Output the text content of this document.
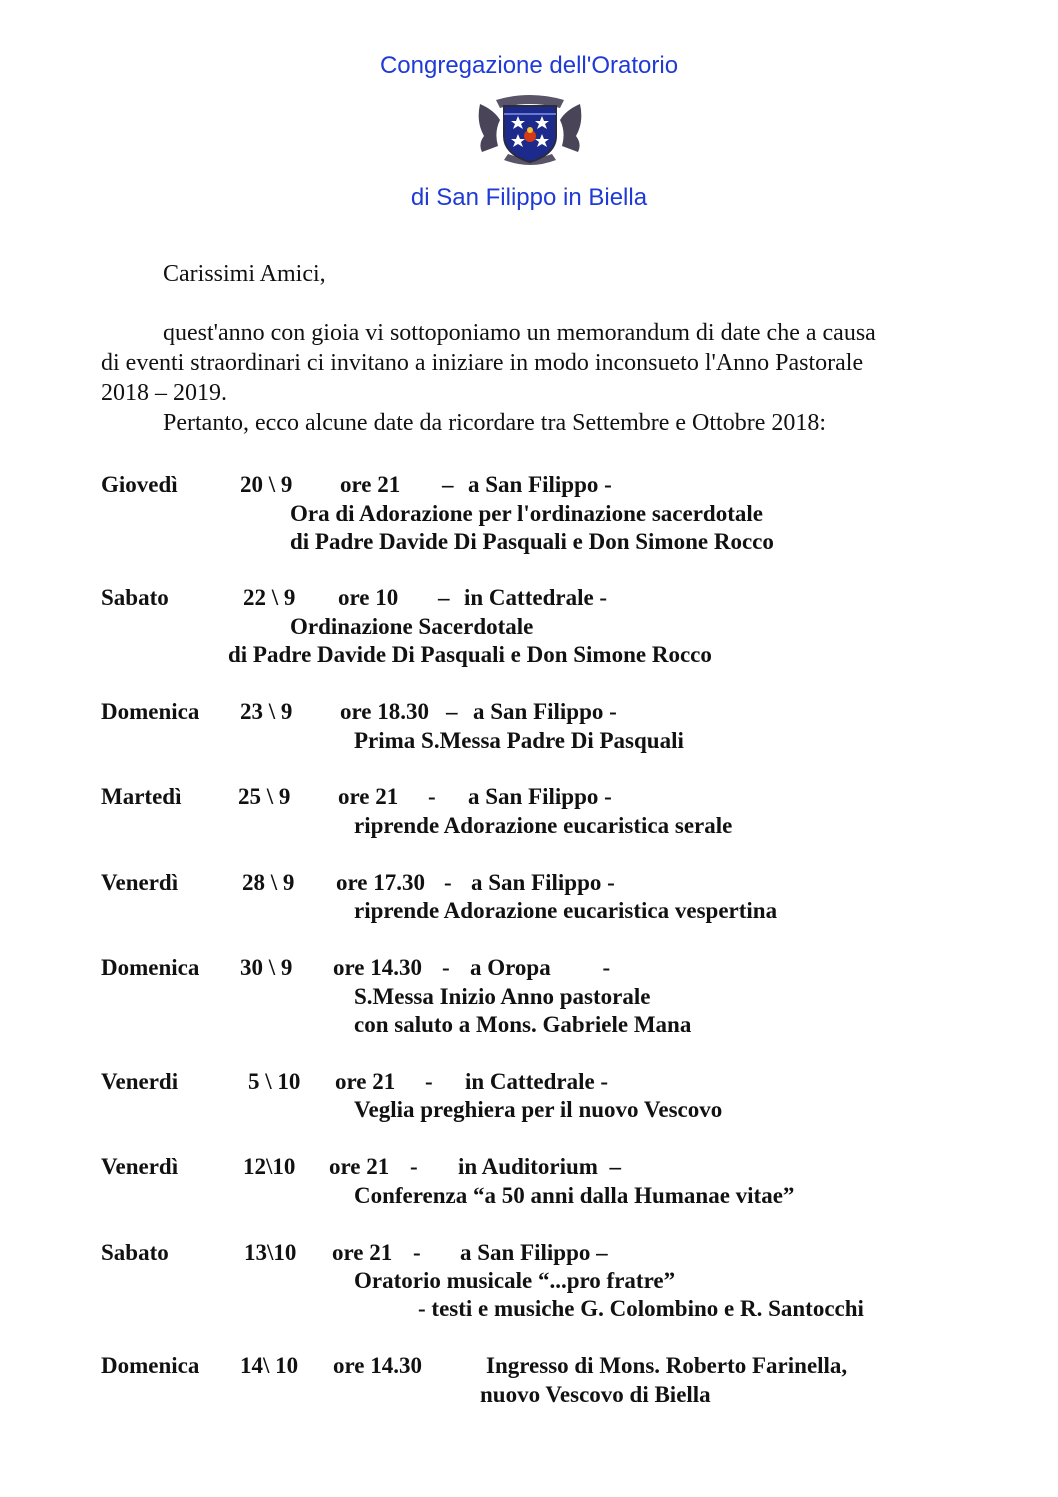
Congregazione dell'Oratorio
di San Filippo in Biella
Carissimi Amici,
quest'anno con gioia vi sottoponiamo un memorandum di date che a causa
di eventi straordinari ci invitano a iniziare in modo inconsueto l'Anno Pastorale
2018 – 2019.
Pertanto, ecco alcune date da ricordare tra Settembre e Ottobre 2018:
Giovedì	20 \ 9 ore 21 – a San Filippo -
Ora di Adorazione per l'ordinazione sacerdotale
di Padre Davide Di Pasquali e Don Simone Rocco
Sabato	22 \ 9 ore 10 – in Cattedrale -
Ordinazione Sacerdotale
di Padre Davide Di Pasquali e Don Simone Rocco
Domenica 23 \ 9 ore 18.30 – a San Filippo -
Prima S.Messa Padre Di Pasquali
Martedì 25 \ 9 ore 21 - a San Filippo -
riprende Adorazione eucaristica serale
Venerdì	28 \ 9 ore 17.30 - a San Filippo -
riprende Adorazione eucaristica vespertina
Domenica 30 \ 9 ore 14.30 - a Oropa         -
S.Messa Inizio Anno pastorale
con saluto a Mons. Gabriele Mana
Venerdi	5 \ 10 ore 21 - in Cattedrale -
Veglia preghiera per il nuovo Vescovo
Venerdì	12\10 ore 21 - in Auditorium  –
Conferenza “a 50 anni dalla Humanae vitae”
Sabato	13\10 ore 21 - a San Filippo –
Oratorio musicale “...pro fratre”
- testi e musiche G. Colombino e R. Santocchi
Domenica 14\ 10 ore 14.30	Ingresso di Mons. Roberto Farinella,
nuovo Vescovo di Biella
